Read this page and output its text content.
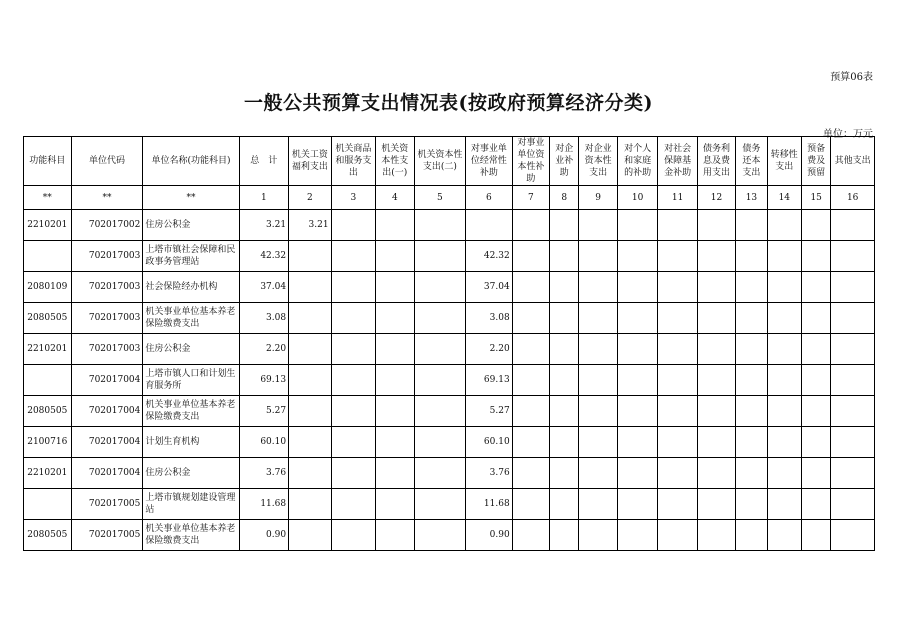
预算06表
一般公共预算支出情况表(按政府预算经济分类)
单位：万元
功能科目	单位代码	单位名称(功能科目)	总　计	机关工资福利支出	机关商品和服务支出	机关资本性支出(一)	机关资本性支出(二)	对事业单位经常性补助	对事业单位资本性补助	对企业补助	对企业资本性支出	对个人和家庭的补助	对社会保障基金补助	债务利息及费用支出	债务还本支出	转移性支出	预备费及预留	其他支出
**	**	**	1	2	3	4	5	6	7	8	9	10	11	12	13	14	15	16
2210201	702017002	住房公积金	3.21	3.21														
	702017003	上塔市镇社会保障和民政事务管理站	42.32					42.32										
2080109	702017003	社会保险经办机构	37.04					37.04										
2080505	702017003	机关事业单位基本养老保险缴费支出	3.08					3.08										
2210201	702017003	住房公积金	2.20					2.20										
	702017004	上塔市镇人口和计划生育服务所	69.13					69.13										
2080505	702017004	机关事业单位基本养老保险缴费支出	5.27					5.27										
2100716	702017004	计划生育机构	60.10					60.10										
2210201	702017004	住房公积金	3.76					3.76										
	702017005	上塔市镇规划建设管理站	11.68					11.68										
2080505	702017005	机关事业单位基本养老保险缴费支出	0.90					0.90										
